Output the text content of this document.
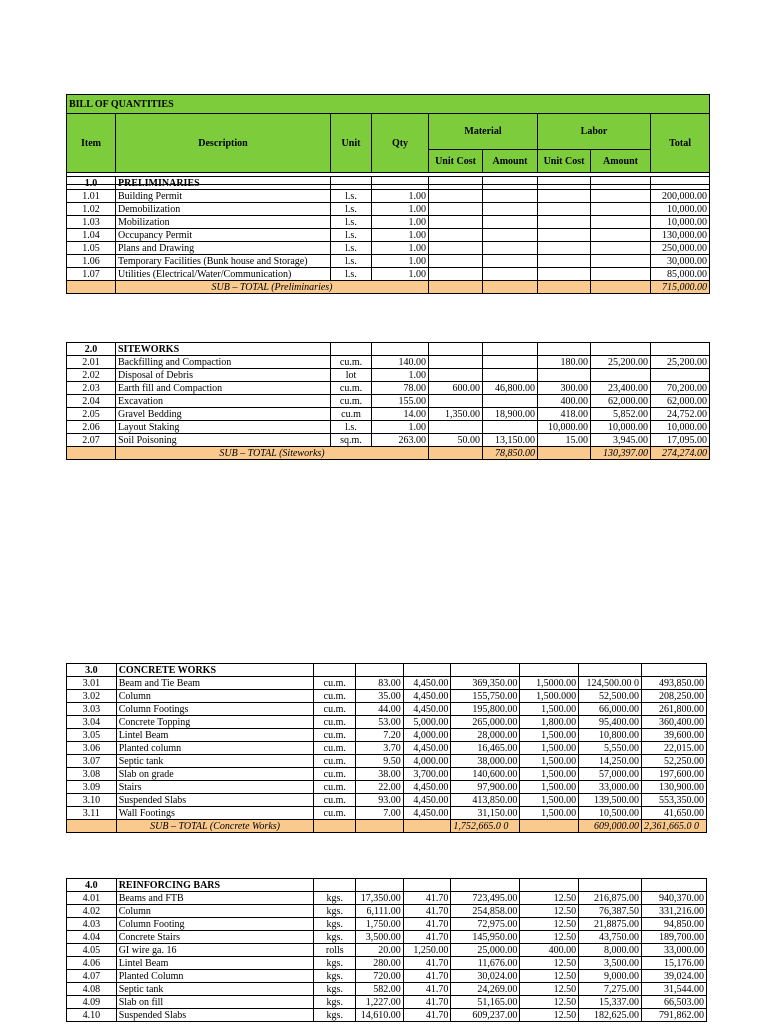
BILL OF QUANTITIES								
Item	Description	Unit	Qty	Material		Labor		Total
				Unit Cost	Amount	Unit Cost	Amount	

1.0	PRELIMINARIES							
1.01	Building Permit	l.s.	1.00					200,000.00
1.02	Demobilization	l.s.	1.00					10,000.00
1.03	Mobilization	l.s.	1.00					10,000.00
1.04	Occupancy Permit	l.s.	1.00					130,000.00
1.05	Plans and Drawing	l.s.	1.00					250,000.00
1.06	Temporary Facilities (Bunk house and Storage)	l.s.	1.00					30,000.00
1.07	Utilities (Electrical/Water/Communication)	l.s.	1.00					85,000.00
	SUB – TOTAL (Preliminaries)							715,000.00
2.0	SITEWORKS							
2.01	Backfilling and Compaction	cu.m.	140.00			180.00	25,200.00	25,200.00
2.02	Disposal of Debris	lot	1.00					
2.03	Earth fill and Compaction	cu.m.	78.00	600.00	46,800.00	300.00	23,400.00	70,200.00
2.04	Excavation	cu.m.	155.00			400.00	62,000.00	62,000.00
2.05	Gravel Bedding	cu.m	14.00	1,350.00	18,900.00	418.00	5,852.00	24,752.00
2.06	Layout Staking	l.s.	1.00			10,000.00	10,000.00	10,000.00
2.07	Soil Poisoning	sq.m.	263.00	50.00	13,150.00	15.00	3,945.00	17,095.00
	SUB – TOTAL (Siteworks)				78,850.00		130,397.00	274,274.00
3.0	CONCRETE WORKS							
3.01	Beam and Tie Beam	cu.m.	83.00	4,450.00	369,350.00	1,5000.00	124,500.00 0	493,850.00
3.02	Column	cu.m.	35.00	4,450.00	155,750.00	1,500.000	52,500.00	208,250.00
3.03	Column Footings	cu.m.	44.00	4,450.00	195,800.00	1,500.00	66,000.00	261,800.00
3.04	Concrete Topping	cu.m.	53.00	5,000.00	265,000.00	1,800.00	95,400.00	360,400.00
3.05	Lintel Beam	cu.m.	7.20	4,000.00	28,000.00	1,500.00	10,800.00	39,600.00
3.06	Planted column	cu.m.	3.70	4,450.00	16,465.00	1,500.00	5,550.00	22,015.00
3.07	Septic tank	cu.m.	9.50	4,000.00	38,000.00	1,500.00	14,250.00	52,250.00
3.08	Slab on grade	cu.m.	38.00	3,700.00	140,600.00	1,500.00	57,000.00	197,600.00
3.09	Stairs	cu.m.	22.00	4,450.00	97,900.00	1,500.00	33,000.00	130,900.00
3.10	Suspended Slabs	cu.m.	93.00	4,450.00	413,850.00	1,500.00	139,500.00	553,350.00
3.11	Wall Footings	cu.m.	7.00	4,450.00	31,150.00	1,500.00	10,500.00	41,650.00
	SUB – TOTAL (Concrete Works)				1,752,665.0 0		609,000.00	2,361,665.0 0
4.0	REINFORCING BARS							
4.01	Beams and FTB	kgs.	17,350.00	41.70	723,495.00	12.50	216,875.00	940,370.00
4.02	Column	kgs.	6,111.00	41.70	254,858.00	12.50	76,387.50	331,216.00
4.03	Column Footing	kgs.	1,750.00	41.70	72,975.00	12.50	21,8875.00	94,850.00
4.04	Concrete Stairs	kgs.	3,500.00	41.70	145,950.00	12.50	43,750.00	189,700.00
4.05	GI wire ga. 16	rolls	20.00	1,250.00	25,000.00	400.00	8,000.00	33,000.00
4.06	Lintel Beam	kgs.	280.00	41.70	11,676.00	12.50	3,500.00	15,176.00
4.07	Planted Column	kgs.	720.00	41.70	30,024.00	12.50	9,000.00	39,024.00
4.08	Septic tank	kgs.	582.00	41.70	24,269.00	12.50	7,275.00	31,544.00
4.09	Slab on fill	kgs.	1,227.00	41.70	51,165.00	12.50	15,337.00	66,503.00
4.10	Suspended Slabs	kgs.	14,610.00	41.70	609,237.00	12.50	182,625.00	791,862.00
